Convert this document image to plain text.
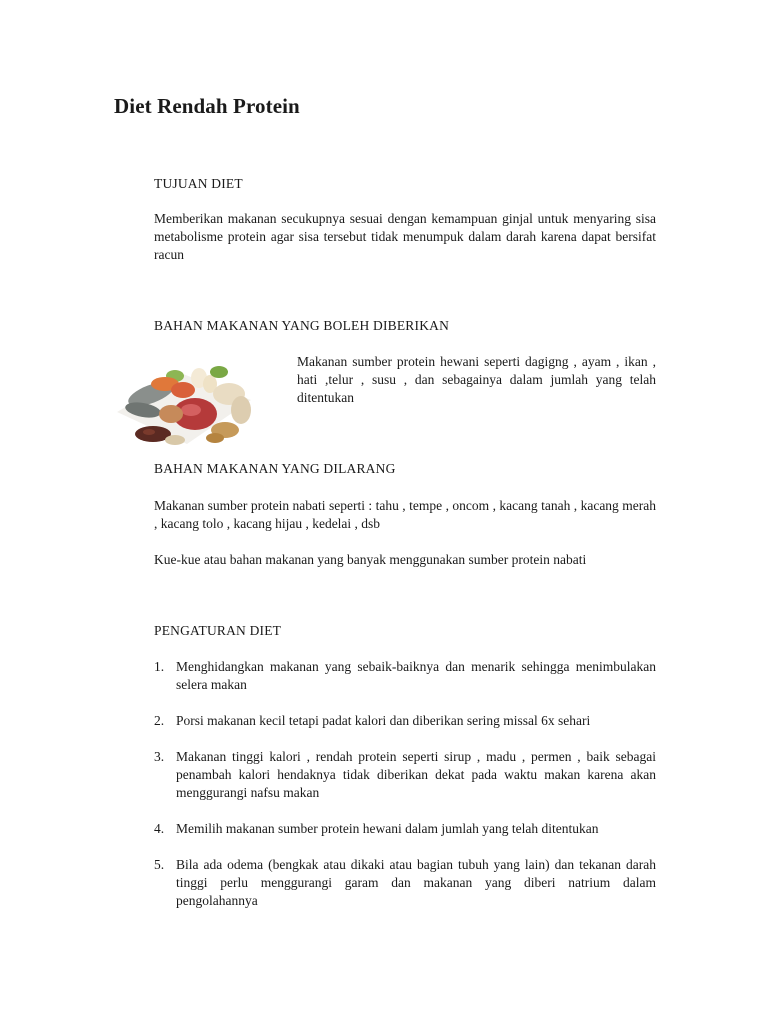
Diet Rendah Protein
TUJUAN DIET

Memberikan makanan secukupnya sesuai dengan kemampuan ginjal untuk menyaring sisa metabolisme protein agar sisa tersebut tidak menumpuk dalam darah karena dapat bersifat racun

BAHAN MAKANAN YANG BOLEH DIBERIKAN

Makanan sumber protein hewani seperti dagigng , ayam , ikan , hati ,telur , susu , dan sebagainya dalam jumlah yang telah ditentukan

BAHAN MAKANAN YANG DILARANG

Makanan sumber protein nabati seperti : tahu , tempe , oncom , kacang tanah , kacang merah , kacang tolo , kacang hijau , kedelai , dsb

Kue-kue atau bahan makanan yang banyak menggunakan sumber protein nabati

PENGATURAN DIET
1. Menghidangkan makanan yang sebaik-baiknya dan menarik sehingga menimbulakan selera makan
2. Porsi makanan kecil tetapi padat kalori dan diberikan sering missal 6x sehari
3. Makanan tinggi kalori , rendah protein seperti sirup , madu , permen , baik sebagai penambah kalori hendaknya tidak diberikan dekat pada waktu makan karena akan menggurangi nafsu makan
4. Memilih makanan sumber protein hewani dalam jumlah yang telah ditentukan
5. Bila ada odema (bengkak atau dikaki atau bagian tubuh yang lain) dan tekanan darah tinggi perlu menggurangi garam dan makanan yang diberi natrium dalam pengolahannya
